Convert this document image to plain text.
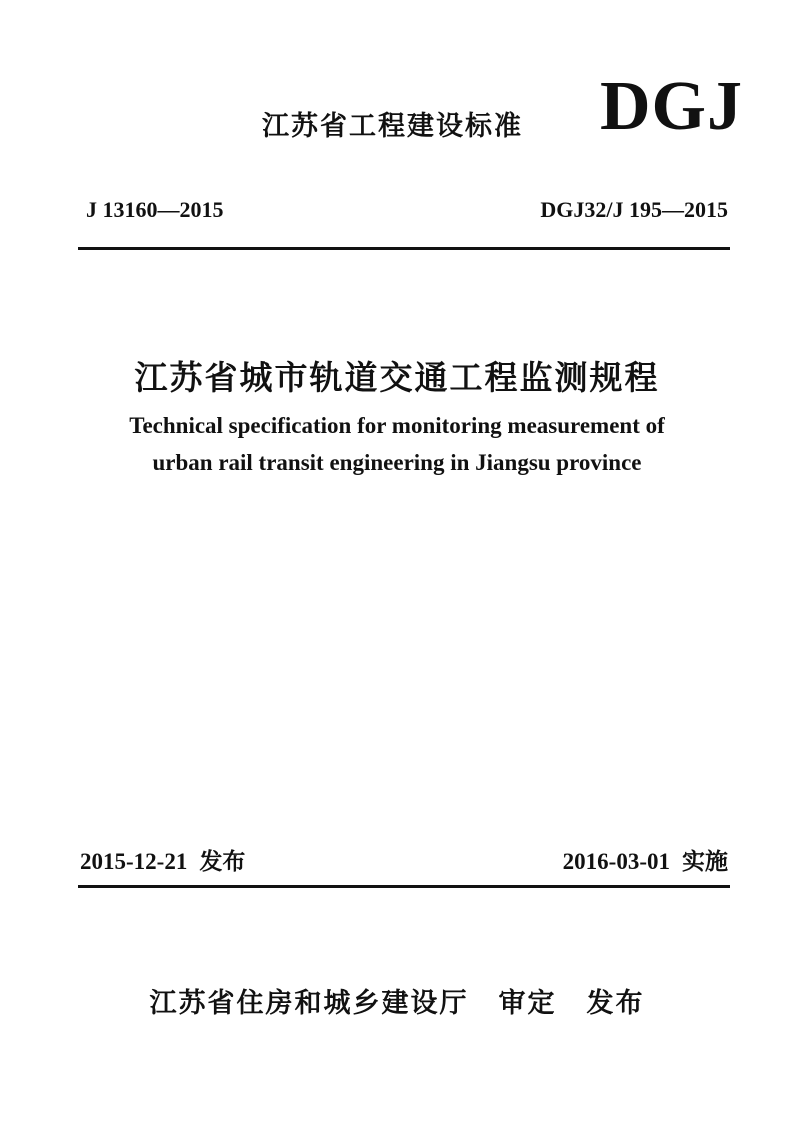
江苏省工程建设标准 DGJ
J 13160—2015	DGJ32/J 195—2015
江苏省城市轨道交通工程监测规程
Technical specification for monitoring measurement of
urban rail transit engineering in Jiangsu province
2015-12-21 发布	2016-03-01 实施
江苏省住房和城乡建设厅 审定 发布
